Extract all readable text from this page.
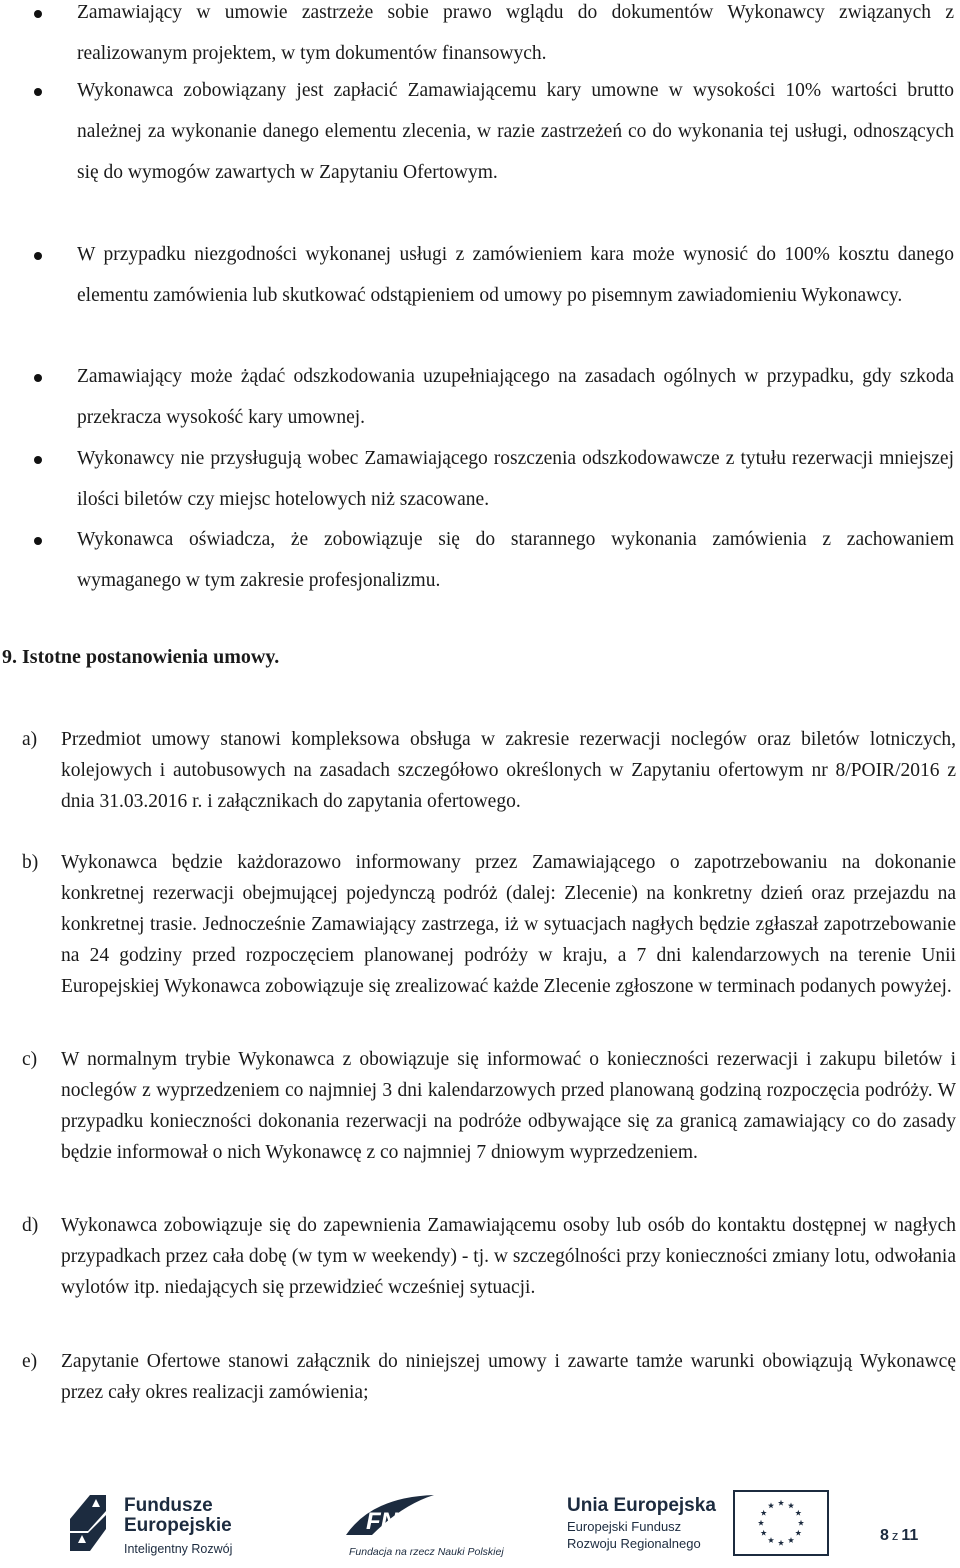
Zamawiający w umowie zastrzeże sobie prawo wglądu do dokumentów Wykonawcy związanych z realizowanym projektem, w tym dokumentów finansowych.
Wykonawca zobowiązany jest zapłacić Zamawiającemu kary umowne w wysokości 10% wartości brutto należnej za wykonanie danego elementu zlecenia, w razie zastrzeżeń co do wykonania tej usługi, odnoszących się do wymogów zawartych w Zapytaniu Ofertowym.
W przypadku niezgodności wykonanej usługi z zamówieniem kara może wynosić do 100% kosztu danego elementu zamówienia lub skutkować odstąpieniem od umowy po pisemnym zawiadomieniu Wykonawcy.
Zamawiający może żądać odszkodowania uzupełniającego na zasadach ogólnych w przypadku, gdy szkoda przekracza wysokość kary umownej.
Wykonawcy nie przysługują wobec Zamawiającego roszczenia odszkodowawcze z tytułu rezerwacji mniejszej ilości biletów czy miejsc hotelowych niż szacowane.
Wykonawca oświadcza, że zobowiązuje się do starannego wykonania zamówienia z zachowaniem wymaganego w tym zakresie profesjonalizmu.
9. Istotne postanowienia umowy.
a) Przedmiot umowy stanowi kompleksowa obsługa w zakresie rezerwacji noclegów oraz biletów lotniczych, kolejowych i autobusowych na zasadach szczegółowo określonych w Zapytaniu ofertowym nr 8/POIR/2016 z dnia 31.03.2016 r. i załącznikach do zapytania ofertowego.
b) Wykonawca będzie każdorazowo informowany przez Zamawiającego o zapotrzebowaniu na dokonanie konkretnej rezerwacji obejmującej pojedynczą podróż (dalej: Zlecenie) na konkretny dzień oraz przejazdu na konkretnej trasie. Jednocześnie Zamawiający zastrzega, iż w sytuacjach nagłych będzie zgłaszał zapotrzebowanie na 24 godziny przed rozpoczęciem planowanej podróży w kraju, a 7 dni kalendarzowych na terenie Unii Europejskiej Wykonawca zobowiązuje się zrealizować każde Zlecenie zgłoszone w terminach podanych powyżej.
c) W normalnym trybie Wykonawca z obowiązuje się informować o konieczności rezerwacji i zakupu biletów i noclegów z wyprzedzeniem co najmniej 3 dni kalendarzowych przed planowaną godziną rozpoczęcia podróży. W przypadku konieczności dokonania rezerwacji na podróże odbywające się za granicą zamawiający co do zasady będzie informował o nich Wykonawcę z co najmniej 7 dniowym wyprzedzeniem.
d) Wykonawca zobowiązuje się do zapewnienia Zamawiającemu osoby lub osób do kontaktu dostępnej w nagłych przypadkach przez cała dobę (w tym w weekendy) - tj. w szczególności przy konieczności zmiany lotu, odwołania wylotów itp. niedających się przewidzieć wcześniej sytuacji.
e) Zapytanie Ofertowe stanowi załącznik do niniejszej umowy i zawarte tamże warunki obowiązują Wykonawcę przez cały okres realizacji zamówienia;
Fundusze
Europejskie
Inteligentny Rozwój
FNP
Fundacja na rzecz Nauki Polskiej
Unia Europejska
Europejski Fundusz
Rozwoju Regionalnego	8 z 11
